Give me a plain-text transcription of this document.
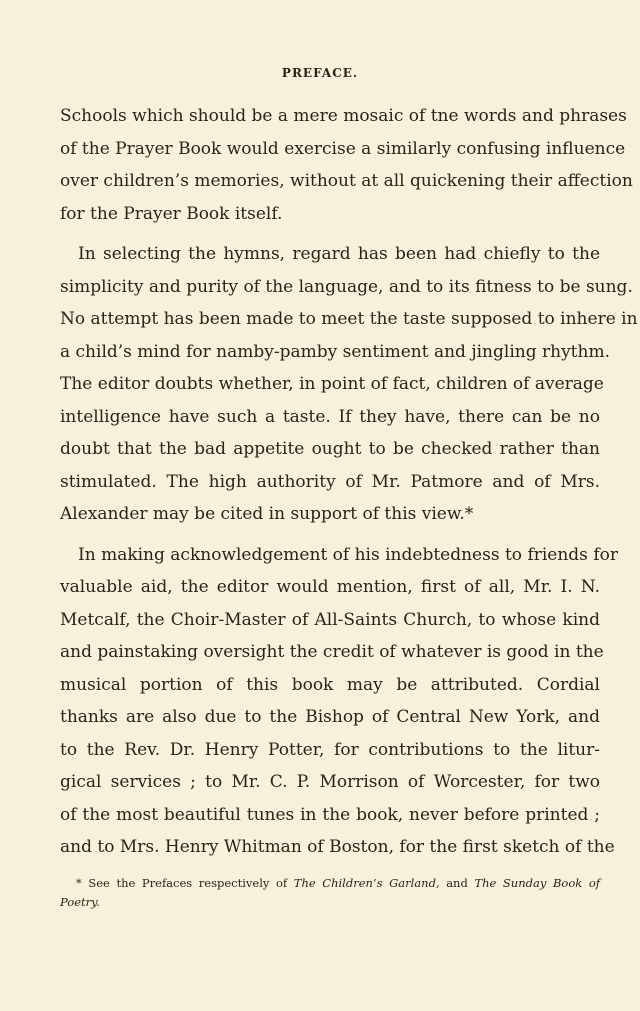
PREFACE.
Schools which should be a mere mosaic of tne words and phrases
of the Prayer Book would exercise a similarly confusing influence
over children’s memories, without at all quickening their affection
for the Prayer Book itself.
In selecting the hymns, regard has been had chiefly to the
simplicity and purity of the language, and to its fitness to be sung.
No attempt has been made to meet the taste supposed to inhere in
a child’s mind for namby-pamby sentiment and jingling rhythm.
The editor doubts whether, in point of fact, children of average
intelligence have such a taste. If they have, there can be no
doubt that the bad appetite ought to be checked rather than
stimulated. The high authority of Mr. Patmore and of Mrs.
Alexander may be cited in support of this view.*
In making acknowledgement of his indebtedness to friends for
valuable aid, the editor would mention, first of all, Mr. I. N.
Metcalf, the Choir-Master of All-Saints Church, to whose kind
and painstaking oversight the credit of whatever is good in the
musical portion of this book may be attributed. Cordial
thanks are also due to the Bishop of Central New York, and
to the Rev. Dr. Henry Potter, for contributions to the litur-
gical services ; to Mr. C. P. Morrison of Worcester, for two
of the most beautiful tunes in the book, never before printed ;
and to Mrs. Henry Whitman of Boston, for the first sketch of the
* See the Prefaces respectively of The Children’s Garland, and The Sunday Book of
Poetry.
